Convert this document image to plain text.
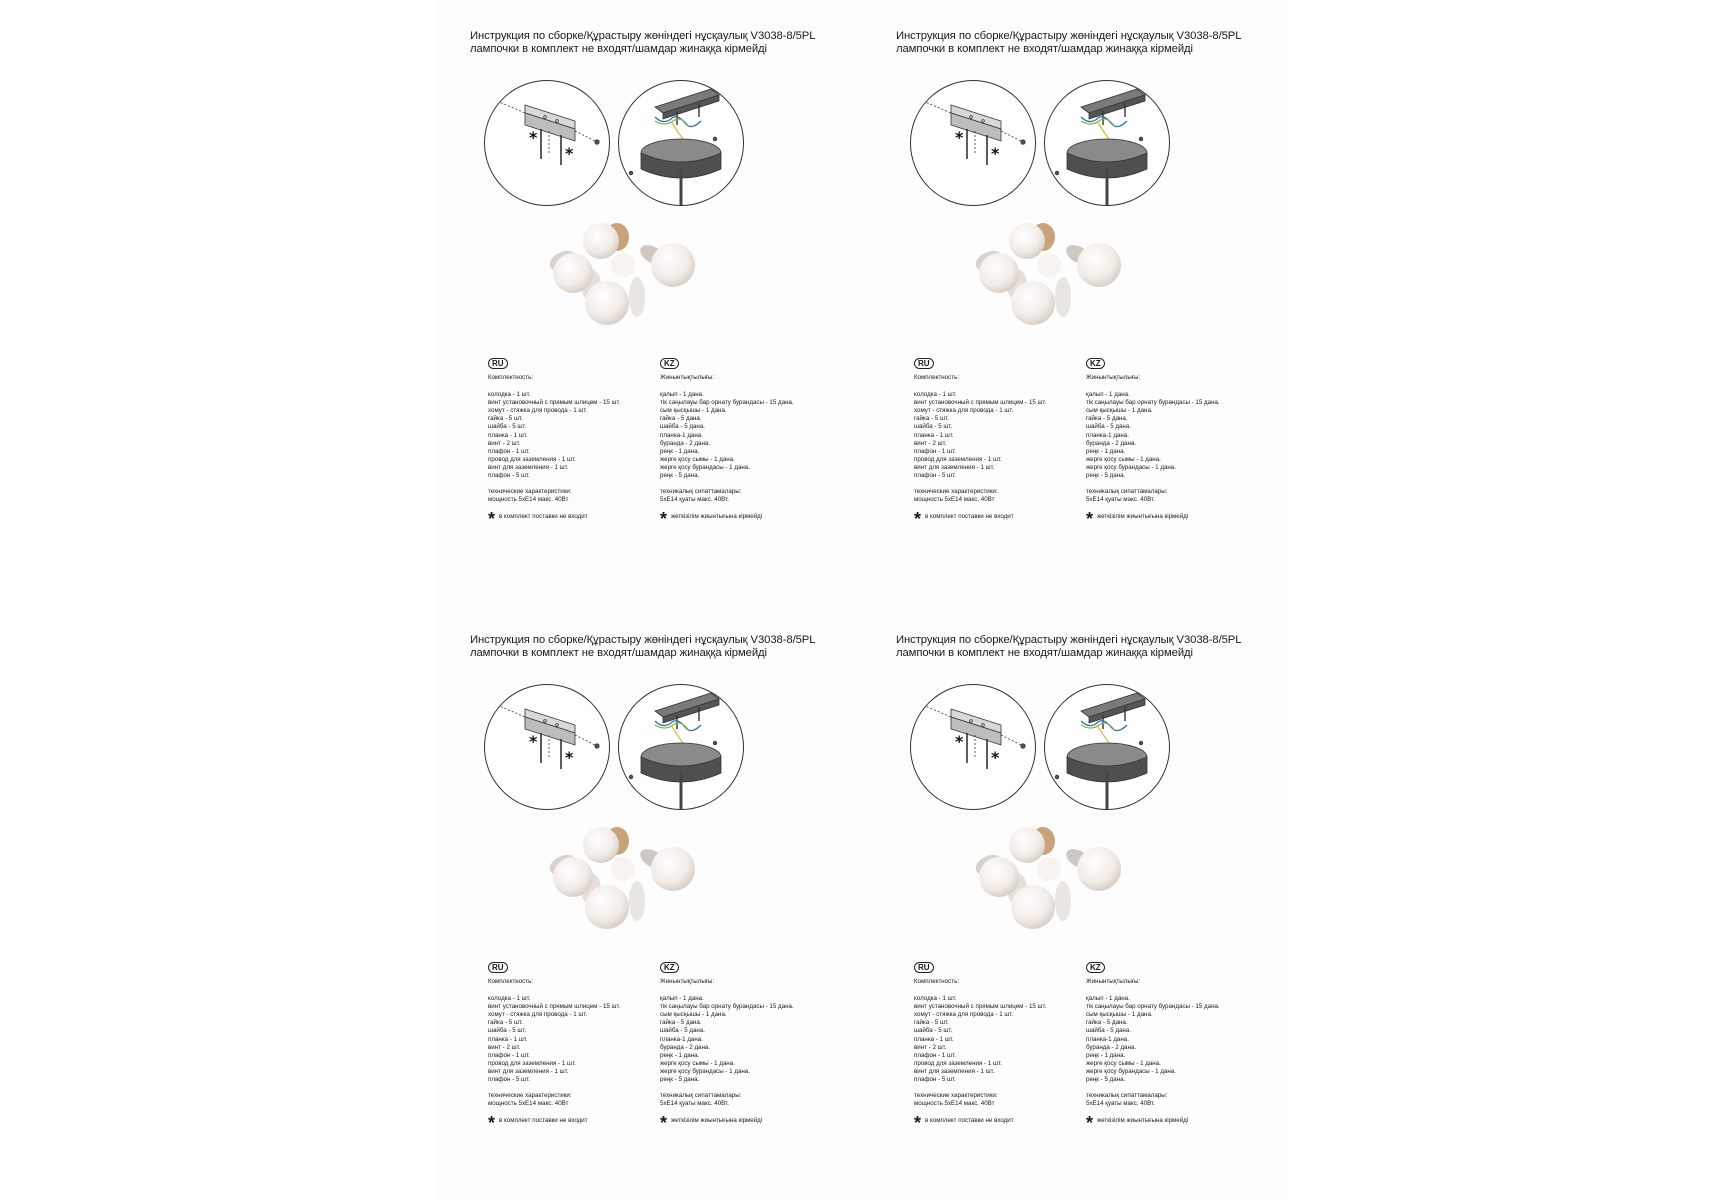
Инструкция по сборке/Құрастыру жөніндегі нұсқаулық V3038-8/5PL
лампочки в комплект не входят/шамдар жинаққа кірмейді
*
*
RU
Комплектность:
колодка - 1 шт.
винт установочный с прямым шлицем - 15 шт.
хомут - стяжка для провода - 1 шт.
гайка - 5 шт.
шайба - 5 шт.
планка - 1 шт.
винт - 2 шт.
плафон - 1 шт.
провод для заземления - 1 шт.
винт для заземления - 1 шт.
плафон - 5 шт.
технические характеристики:
мощность 5хЕ14 макс. 40Вт
* в комплект поставки не входит
KZ
Жинынтықтылығы:
қалып - 1 дана.
тік саңылауы бар орнату бурандасы - 15 дана.
сым қысқышы - 1 дана.
гайка - 5 дана.
шайба - 5 дана.
планка-1 дана.
буранда - 2 дана.
реңк - 1 дана.
жерге қосу сымы - 1 дана.
жерге қосу бурандасы - 1 дана.
реңк - 5 дана.
техникалық сипаттамалары:
5хЕ14 қуаты макс. 40Вт.
* жеткізілім жиынтығына кірмейді
Инструкция по сборке/Құрастыру жөніндегі нұсқаулық V3038-8/5PL
лампочки в комплект не входят/шамдар жинаққа кірмейді
*
*
RU
Комплектность:
колодка - 1 шт.
винт установочный с прямым шлицем - 15 шт.
хомут - стяжка для провода - 1 шт.
гайка - 5 шт.
шайба - 5 шт.
планка - 1 шт.
винт - 2 шт.
плафон - 1 шт.
провод для заземления - 1 шт.
винт для заземления - 1 шт.
плафон - 5 шт.
технические характеристики:
мощность 5хЕ14 макс. 40Вт
* в комплект поставки не входит
KZ
Жинынтықтылығы:
қалып - 1 дана.
тік саңылауы бар орнату бурандасы - 15 дана.
сым қысқышы - 1 дана.
гайка - 5 дана.
шайба - 5 дана.
планка-1 дана.
буранда - 2 дана.
реңк - 1 дана.
жерге қосу сымы - 1 дана.
жерге қосу бурандасы - 1 дана.
реңк - 5 дана.
техникалық сипаттамалары:
5хЕ14 қуаты макс. 40Вт.
* жеткізілім жиынтығына кірмейді
Инструкция по сборке/Құрастыру жөніндегі нұсқаулық V3038-8/5PL
лампочки в комплект не входят/шамдар жинаққа кірмейді
*
*
RU
Комплектность:
колодка - 1 шт.
винт установочный с прямым шлицем - 15 шт.
хомут - стяжка для провода - 1 шт.
гайка - 5 шт.
шайба - 5 шт.
планка - 1 шт.
винт - 2 шт.
плафон - 1 шт.
провод для заземления - 1 шт.
винт для заземления - 1 шт.
плафон - 5 шт.
технические характеристики:
мощность 5хЕ14 макс. 40Вт
* в комплект поставки не входит
KZ
Жинынтықтылығы:
қалып - 1 дана.
тік саңылауы бар орнату бурандасы - 15 дана.
сым қысқышы - 1 дана.
гайка - 5 дана.
шайба - 5 дана.
планка-1 дана.
буранда - 2 дана.
реңк - 1 дана.
жерге қосу сымы - 1 дана.
жерге қосу бурандасы - 1 дана.
реңк - 5 дана.
техникалық сипаттамалары:
5хЕ14 қуаты макс. 40Вт.
* жеткізілім жиынтығына кірмейді
Инструкция по сборке/Құрастыру жөніндегі нұсқаулық V3038-8/5PL
лампочки в комплект не входят/шамдар жинаққа кірмейді
*
*
RU
Комплектность:
колодка - 1 шт.
винт установочный с прямым шлицем - 15 шт.
хомут - стяжка для провода - 1 шт.
гайка - 5 шт.
шайба - 5 шт.
планка - 1 шт.
винт - 2 шт.
плафон - 1 шт.
провод для заземления - 1 шт.
винт для заземления - 1 шт.
плафон - 5 шт.
технические характеристики:
мощность 5хЕ14 макс. 40Вт
* в комплект поставки не входит
KZ
Жинынтықтылығы:
қалып - 1 дана.
тік саңылауы бар орнату бурандасы - 15 дана.
сым қысқышы - 1 дана.
гайка - 5 дана.
шайба - 5 дана.
планка-1 дана.
буранда - 2 дана.
реңк - 1 дана.
жерге қосу сымы - 1 дана.
жерге қосу бурандасы - 1 дана.
реңк - 5 дана.
техникалық сипаттамалары:
5хЕ14 қуаты макс. 40Вт.
* жеткізілім жиынтығына кірмейді
